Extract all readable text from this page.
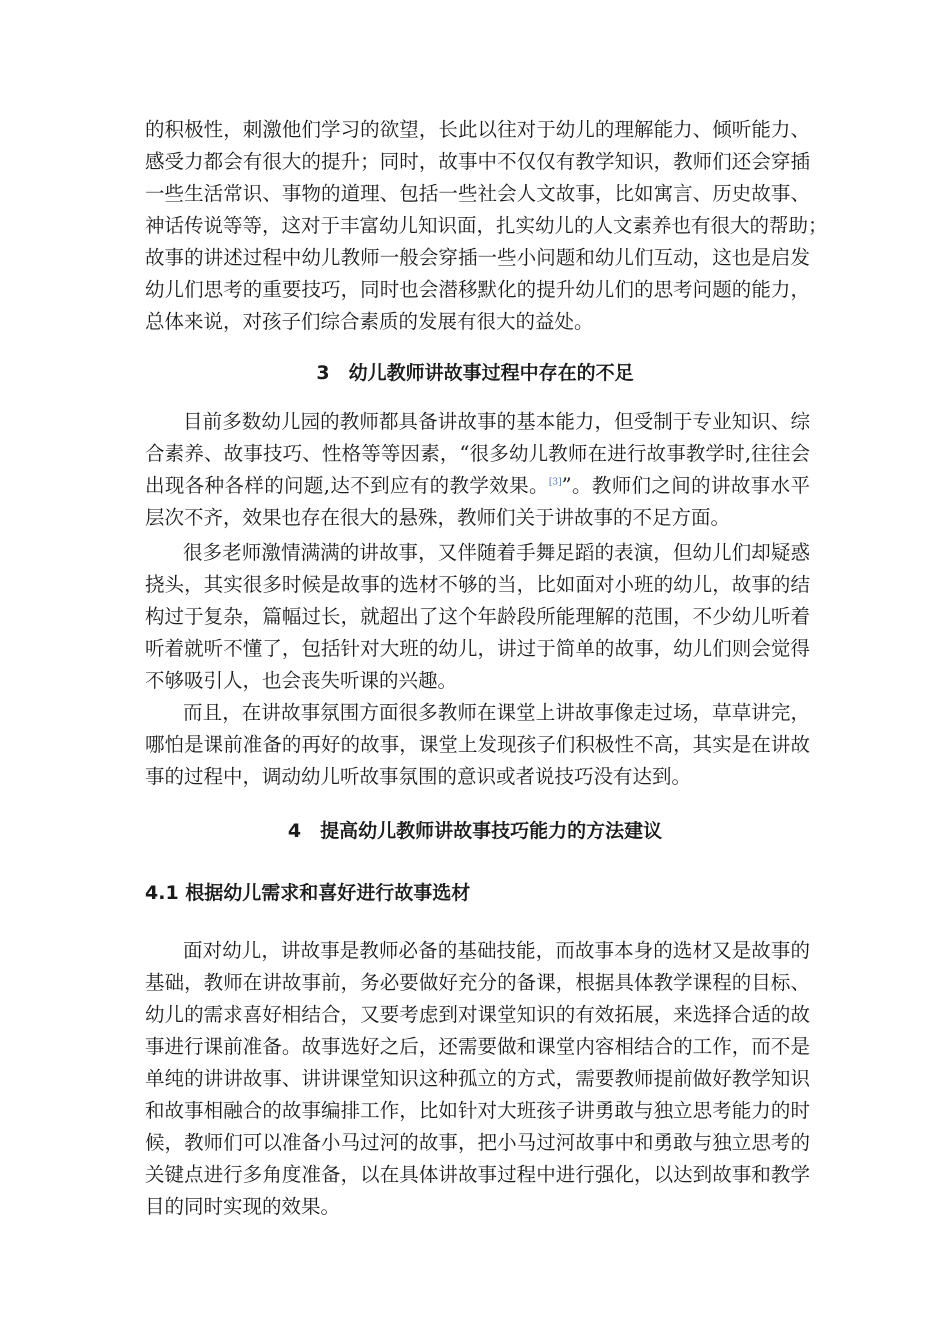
的积极性，刺激他们学习的欲望，长此以往对于幼儿的理解能力、倾听能力、
感受力都会有很大的提升；同时，故事中不仅仅有教学知识，教师们还会穿插
一些生活常识、事物的道理、包括一些社会人文故事，比如寓言、历史故事、
神话传说等等，这对于丰富幼儿知识面，扎实幼儿的人文素养也有很大的帮助；
故事的讲述过程中幼儿教师一般会穿插一些小问题和幼儿们互动，这也是启发
幼儿们思考的重要技巧，同时也会潜移默化的提升幼儿们的思考问题的能力，
总体来说，对孩子们综合素质的发展有很大的益处。
3　幼儿教师讲故事过程中存在的不足
目前多数幼儿园的教师都具备讲故事的基本能力，但受制于专业知识、综
合素养、故事技巧、性格等等因素，“很多幼儿教师在进行故事教学时,往往会
出现各种各样的问题,达不到应有的教学效果。[3]”。教师们之间的讲故事水平
层次不齐，效果也存在很大的悬殊，教师们关于讲故事的不足方面。
很多老师激情满满的讲故事，又伴随着手舞足蹈的表演，但幼儿们却疑惑
挠头，其实很多时候是故事的选材不够的当，比如面对小班的幼儿，故事的结
构过于复杂，篇幅过长，就超出了这个年龄段所能理解的范围，不少幼儿听着
听着就听不懂了，包括针对大班的幼儿，讲过于简单的故事，幼儿们则会觉得
不够吸引人，也会丧失听课的兴趣。
而且，在讲故事氛围方面很多教师在课堂上讲故事像走过场，草草讲完，
哪怕是课前准备的再好的故事，课堂上发现孩子们积极性不高，其实是在讲故
事的过程中，调动幼儿听故事氛围的意识或者说技巧没有达到。
4　提高幼儿教师讲故事技巧能力的方法建议
4.1 根据幼儿需求和喜好进行故事选材
面对幼儿，讲故事是教师必备的基础技能，而故事本身的选材又是故事的
基础，教师在讲故事前，务必要做好充分的备课，根据具体教学课程的目标、
幼儿的需求喜好相结合，又要考虑到对课堂知识的有效拓展，来选择合适的故
事进行课前准备。故事选好之后，还需要做和课堂内容相结合的工作，而不是
单纯的讲讲故事、讲讲课堂知识这种孤立的方式，需要教师提前做好教学知识
和故事相融合的故事编排工作，比如针对大班孩子讲勇敢与独立思考能力的时
候，教师们可以准备小马过河的故事，把小马过河故事中和勇敢与独立思考的
关键点进行多角度准备，以在具体讲故事过程中进行强化，以达到故事和教学
目的同时实现的效果。
